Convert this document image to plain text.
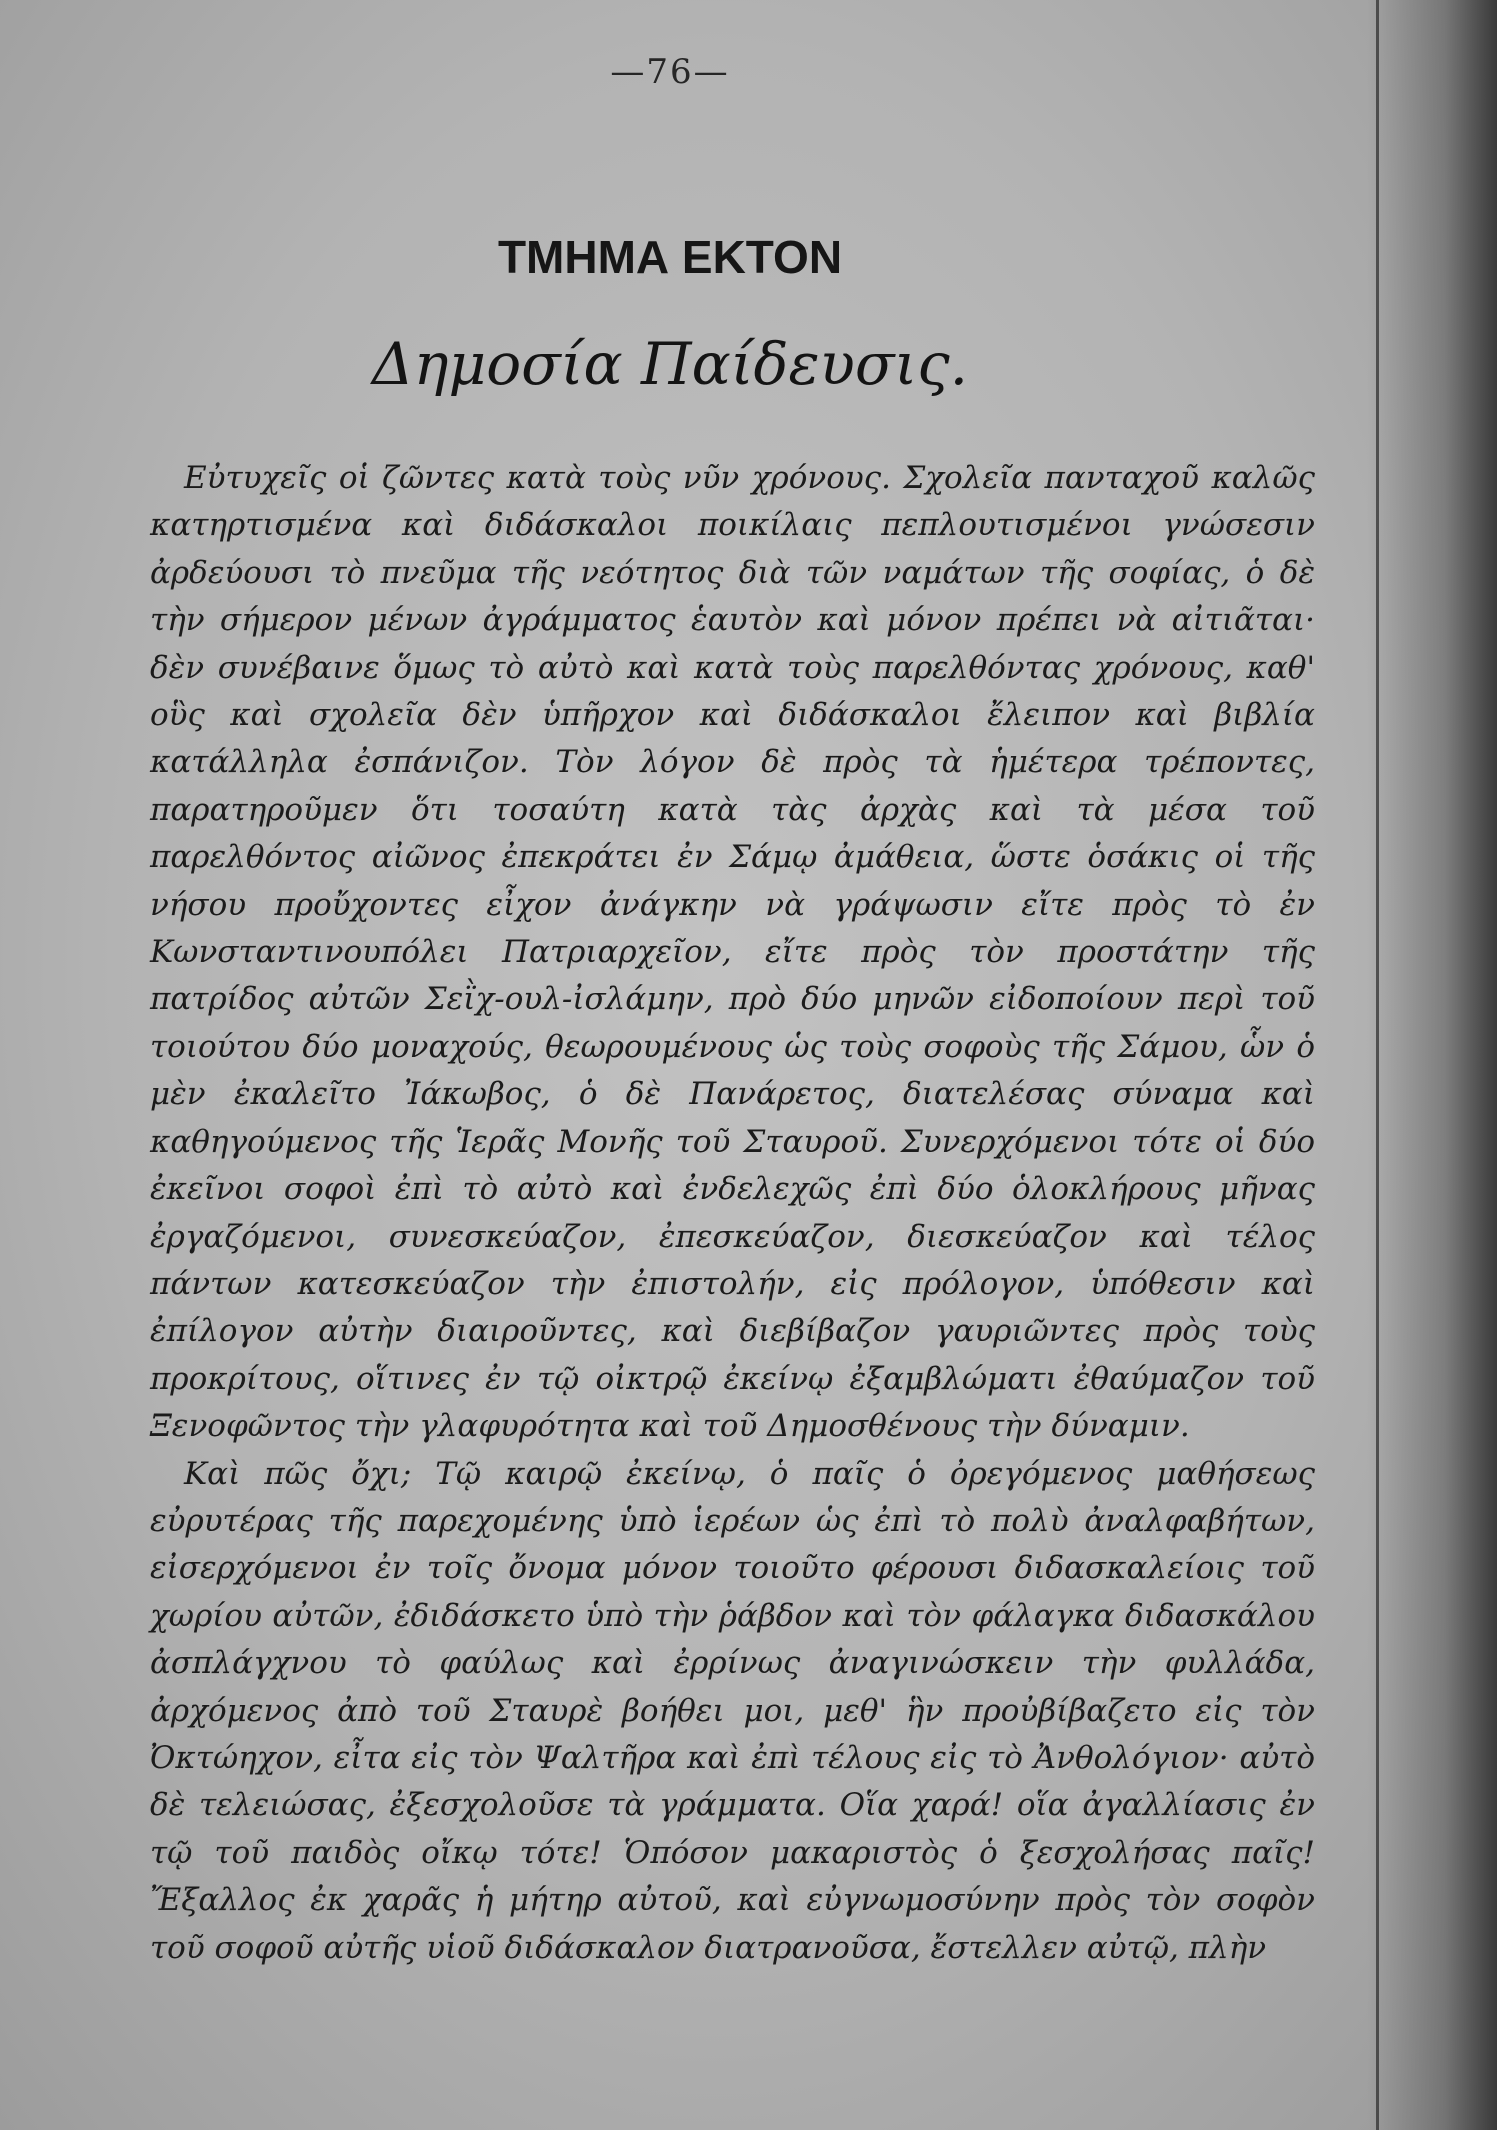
—76—
ΤΜΗΜΑ ΕΚΤΟΝ
Δημοσία Παίδευσις.

Εὐτυχεῖς οἱ ζῶντες κατὰ τοὺς νῦν χρόνους. Σχολεῖα πανταχοῦ καλῶς κατηρτισμένα καὶ διδάσκαλοι ποικίλαις πεπλουτισμένοι γνώσεσιν ἀρδεύουσι τὸ πνεῦμα τῆς νεότητος διὰ τῶν ναμάτων τῆς σοφίας, ὁ δὲ τὴν σήμερον μένων ἀγράμματος ἑαυτὸν καὶ μόνον πρέπει νὰ αἰτιᾶται· δὲν συνέβαινε ὅμως τὸ αὐτὸ καὶ κατὰ τοὺς παρελθόντας χρόνους, καθ' οὓς καὶ σχολεῖα δὲν ὑπῆρχον καὶ διδάσκαλοι ἔλειπον καὶ βιβλία κατάλληλα ἐσπάνιζον. Τὸν λόγον δὲ πρὸς τὰ ἡμέτερα τρέποντες, παρατηροῦμεν ὅτι τοσαύτη κατὰ τὰς ἀρχὰς καὶ τὰ μέσα τοῦ παρελθόντος αἰῶνος ἐπεκράτει ἐν Σάμῳ ἀμάθεια, ὥστε ὁσάκις οἱ τῆς νήσου προὔχοντες εἶχον ἀνάγκην νὰ γράψωσιν εἴτε πρὸς τὸ ἐν Κωνσταντινουπόλει Πατριαρχεῖον, εἴτε πρὸς τὸν προστάτην τῆς πατρίδος αὐτῶν Σεῒχ-ουλ-ἰσλάμην, πρὸ δύο μηνῶν εἰδοποίουν περὶ τοῦ τοιούτου δύο μοναχούς, θεωρουμένους ὡς τοὺς σοφοὺς τῆς Σάμου, ὧν ὁ μὲν ἐκαλεῖτο Ἰάκωβος, ὁ δὲ Πανάρετος, διατελέσας σύναμα καὶ καθηγούμενος τῆς Ἱερᾶς Μονῆς τοῦ Σταυροῦ. Συνερχόμενοι τότε οἱ δύο ἐκεῖνοι σοφοὶ ἐπὶ τὸ αὐτὸ καὶ ἐνδελεχῶς ἐπὶ δύο ὁλοκλήρους μῆνας ἐργαζόμενοι, συνεσκεύαζον, ἐπεσκεύαζον, διεσκεύαζον καὶ τέλος πάντων κατεσκεύαζον τὴν ἐπιστολήν, εἰς πρόλογον, ὑπόθεσιν καὶ ἐπίλογον αὐτὴν διαιροῦντες, καὶ διεβίβαζον γαυριῶντες πρὸς τοὺς προκρίτους, οἵτινες ἐν τῷ οἰκτρῷ ἐκείνῳ ἐξαμβλώματι ἐθαύμαζον τοῦ Ξενοφῶντος τὴν γλαφυρότητα καὶ τοῦ Δημοσθένους τὴν δύναμιν.

Καὶ πῶς ὄχι; Τῷ καιρῷ ἐκείνῳ, ὁ παῖς ὁ ὀρεγόμενος μαθήσεως εὐρυτέρας τῆς παρεχομένης ὑπὸ ἱερέων ὡς ἐπὶ τὸ πολὺ ἀναλφαβήτων, εἰσερχόμενοι ἐν τοῖς ὄνομα μόνον τοιοῦτο φέρουσι διδασκαλείοις τοῦ χωρίου αὐτῶν, ἐδιδάσκετο ὑπὸ τὴν ῥάβδον καὶ τὸν φάλαγκα διδασκάλου ἀσπλάγχνου τὸ φαύλως καὶ ἐρρίνως ἀναγινώσκειν τὴν φυλλάδα, ἀρχόμενος ἀπὸ τοῦ Σταυρὲ βοήθει μοι, μεθ' ἣν προὐβίβαζετο εἰς τὸν Ὀκτώηχον, εἶτα εἰς τὸν Ψαλτῆρα καὶ ἐπὶ τέλους εἰς τὸ Ἀνθολόγιον· αὐτὸ δὲ τελειώσας, ἐξεσχολοῦσε τὰ γράμματα. Οἵα χαρά! οἵα ἀγαλλίασις ἐν τῷ τοῦ παιδὸς οἴκῳ τότε! Ὁπόσον μακαριστὸς ὁ ξεσχολήσας παῖς! Ἔξαλλος ἐκ χαρᾶς ἡ μήτηρ αὐτοῦ, καὶ εὐγνωμοσύνην πρὸς τὸν σοφὸν τοῦ σοφοῦ αὐτῆς υἱοῦ διδάσκαλον διατρανοῦσα, ἔστελλεν αὐτῷ, πλὴν
